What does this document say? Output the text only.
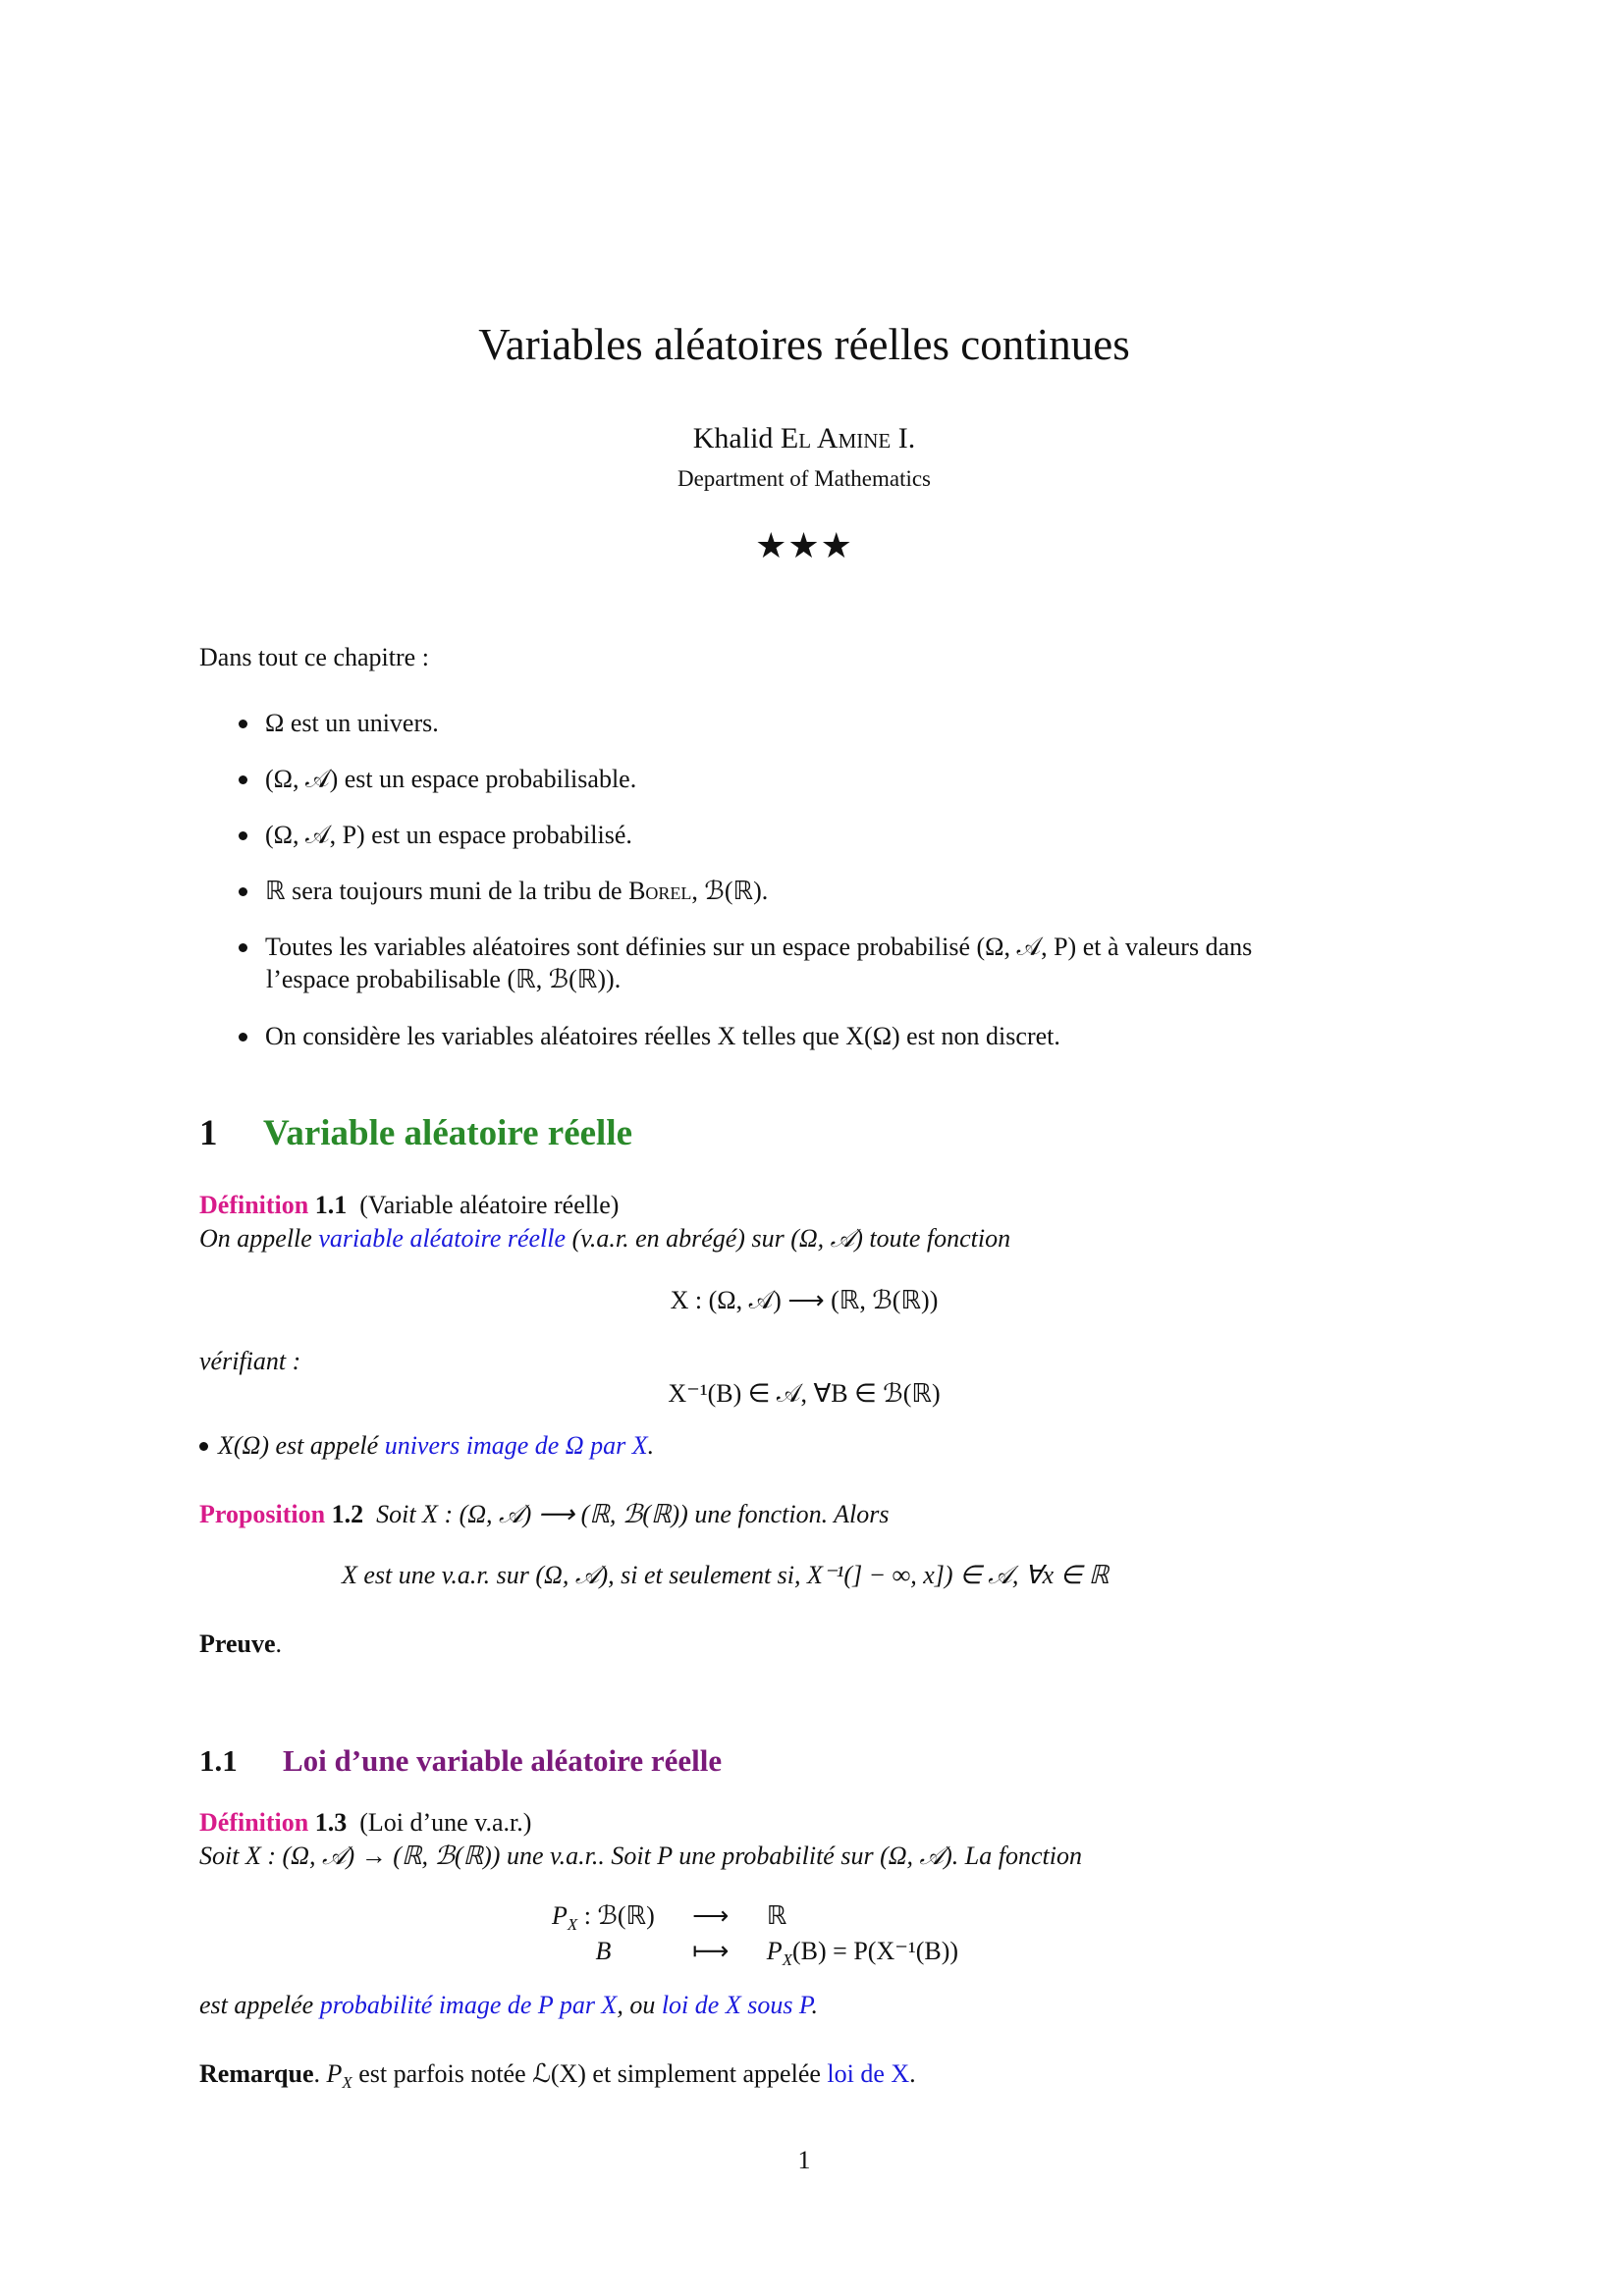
Variables aléatoires réelles continues
Khalid El Amine I.
Department of Mathematics
★★★
Dans tout ce chapitre :
Ω est un univers.
(Ω, 𝒜) est un espace probabilisable.
(Ω, 𝒜, P) est un espace probabilisé.
ℝ sera toujours muni de la tribu de Borel, ℬ(ℝ).
Toutes les variables aléatoires sont définies sur un espace probabilisé (Ω, 𝒜, P) et à valeurs dans
l’espace probabilisable (ℝ, ℬ(ℝ)).
On considère les variables aléatoires réelles X telles que X(Ω) est non discret.
1 Variable aléatoire réelle
Définition 1.1 (Variable aléatoire réelle)
On appelle variable aléatoire réelle (v.a.r. en abrégé) sur (Ω, 𝒜) toute fonction
X : (Ω, 𝒜) ⟶ (ℝ, ℬ(ℝ))
vérifiant :
X⁻¹(B) ∈ 𝒜, ∀B ∈ ℬ(ℝ)
X(Ω) est appelé univers image de Ω par X.
Proposition 1.2 Soit X : (Ω, 𝒜) ⟶ (ℝ, ℬ(ℝ)) une fonction. Alors
X est une v.a.r. sur (Ω, 𝒜), si et seulement si, X⁻¹(] − ∞, x]) ∈ 𝒜, ∀x ∈ ℝ
Preuve.
1.1 Loi d’une variable aléatoire réelle
Définition 1.3 (Loi d’une v.a.r.)
Soit X : (Ω, 𝒜) → (ℝ, ℬ(ℝ)) une v.a.r.. Soit P une probabilité sur (Ω, 𝒜). La fonction
$P_X$ : ℬ(ℝ)	⟶	ℝ
B	⟼	$P_X(B) = P(X^{-1}(B))$
est appelée probabilité image de P par X, ou loi de X sous P.
Remarque. $P_X$ est parfois notée ℒ(X) et simplement appelée loi de X.
1
